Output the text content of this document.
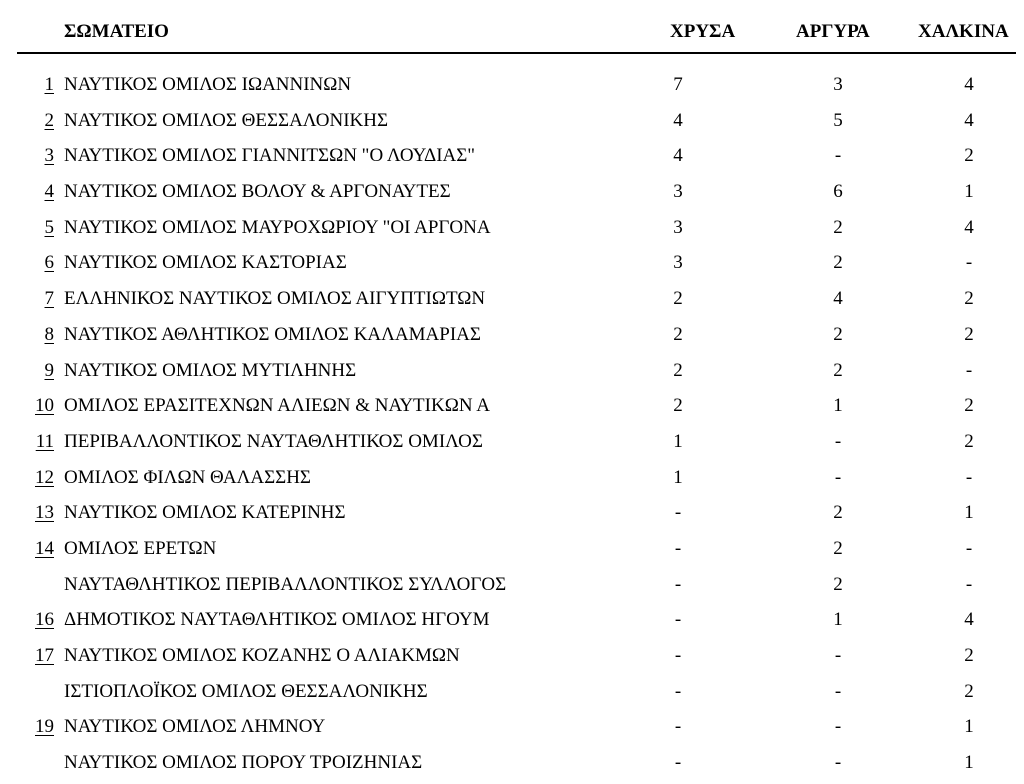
ΣΩΜΑΤΕΙΟ	ΧΡΥΣΑ	ΑΡΓΥΡΑ	ΧΑΛΚΙΝΑ
1 ΝΑΥΤΙΚΟΣ ΟΜΙΛΟΣ ΙΩΑΝΝΙΝΩΝ	7	3	4
2 ΝΑΥΤΙΚΟΣ ΟΜΙΛΟΣ ΘΕΣΣΑΛΟΝΙΚΗΣ	4	5	4
3 ΝΑΥΤΙΚΟΣ ΟΜΙΛΟΣ ΓΙΑΝΝΙΤΣΩΝ "Ο ΛΟΥΔΙΑΣ"	4	-	2
4 ΝΑΥΤΙΚΟΣ ΟΜΙΛΟΣ ΒΟΛΟΥ & ΑΡΓΟΝΑΥΤΕΣ	3	6	1
5 ΝΑΥΤΙΚΟΣ ΟΜΙΛΟΣ ΜΑΥΡΟΧΩΡΙΟΥ "ΟΙ ΑΡΓΟΝΑ	3	2	4
6 ΝΑΥΤΙΚΟΣ ΟΜΙΛΟΣ ΚΑΣΤΟΡΙΑΣ	3	2	-
7 ΕΛΛΗΝΙΚΟΣ ΝΑΥΤΙΚΟΣ ΟΜΙΛΟΣ ΑΙΓΥΠΤΙΩΤΩΝ	2	4	2
8 ΝΑΥΤΙΚΟΣ ΑΘΛΗΤΙΚΟΣ ΟΜΙΛΟΣ ΚΑΛΑΜΑΡΙΑΣ	2	2	2
9 ΝΑΥΤΙΚΟΣ ΟΜΙΛΟΣ ΜΥΤΙΛΗΝΗΣ	2	2	-
10 ΟΜΙΛΟΣ ΕΡΑΣΙΤΕΧΝΩΝ ΑΛΙΕΩΝ & ΝΑΥΤΙΚΩΝ Α	2	1	2
11 ΠΕΡΙΒΑΛΛΟΝΤΙΚΟΣ ΝΑΥΤΑΘΛΗΤΙΚΟΣ ΟΜΙΛΟΣ	1	-	2
12 ΟΜΙΛΟΣ ΦΙΛΩΝ ΘΑΛΑΣΣΗΣ	1	-	-
13 ΝΑΥΤΙΚΟΣ ΟΜΙΛΟΣ ΚΑΤΕΡΙΝΗΣ	-	2	1
14 ΟΜΙΛΟΣ ΕΡΕΤΩΝ	-	2	-
ΝΑΥΤΑΘΛΗΤΙΚΟΣ ΠΕΡΙΒΑΛΛΟΝΤΙΚΟΣ ΣΥΛΛΟΓΟΣ	-	2	-
16 ΔΗΜΟΤΙΚΟΣ ΝΑΥΤΑΘΛΗΤΙΚΟΣ ΟΜΙΛΟΣ ΗΓΟΥΜ	-	1	4
17 ΝΑΥΤΙΚΟΣ ΟΜΙΛΟΣ ΚΟΖΑΝΗΣ Ο ΑΛΙΑΚΜΩΝ	-	-	2
ΙΣΤΙΟΠΛΟΪΚΟΣ ΟΜΙΛΟΣ ΘΕΣΣΑΛΟΝΙΚΗΣ	-	-	2
19 ΝΑΥΤΙΚΟΣ ΟΜΙΛΟΣ ΛΗΜΝΟΥ	-	-	1
ΝΑΥΤΙΚΟΣ ΟΜΙΛΟΣ ΠΟΡΟΥ ΤΡΟΙΖΗΝΙΑΣ	-	-	1
